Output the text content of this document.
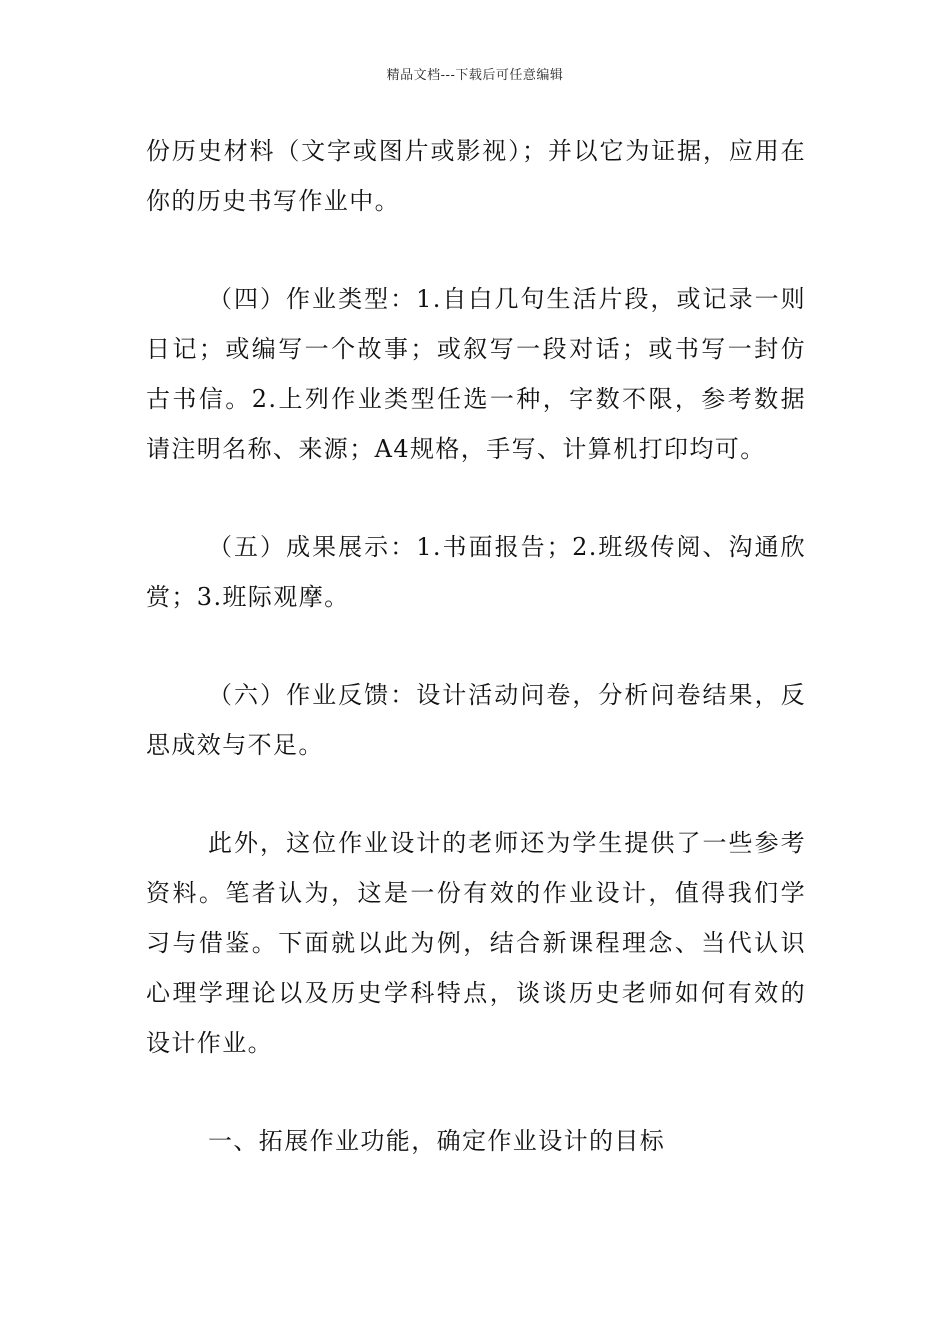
精品文档---下载后可任意编辑

份历史材料（文字或图片或影视）；并以它为证据，应用在你的历史书写作业中。

（四）作业类型：1.自白几句生活片段，或记录一则日记；或编写一个故事；或叙写一段对话；或书写一封仿古书信。2.上列作业类型任选一种，字数不限，参考数据请注明名称、来源；A4规格，手写、计算机打印均可。

（五）成果展示：1.书面报告；2.班级传阅、沟通欣赏；3.班际观摩。

（六）作业反馈：设计活动问卷，分析问卷结果，反思成效与不足。

此外，这位作业设计的老师还为学生提供了一些参考资料。笔者认为，这是一份有效的作业设计，值得我们学习与借鉴。下面就以此为例，结合新课程理念、当代认识心理学理论以及历史学科特点，谈谈历史老师如何有效的设计作业。

一、拓展作业功能，确定作业设计的目标
